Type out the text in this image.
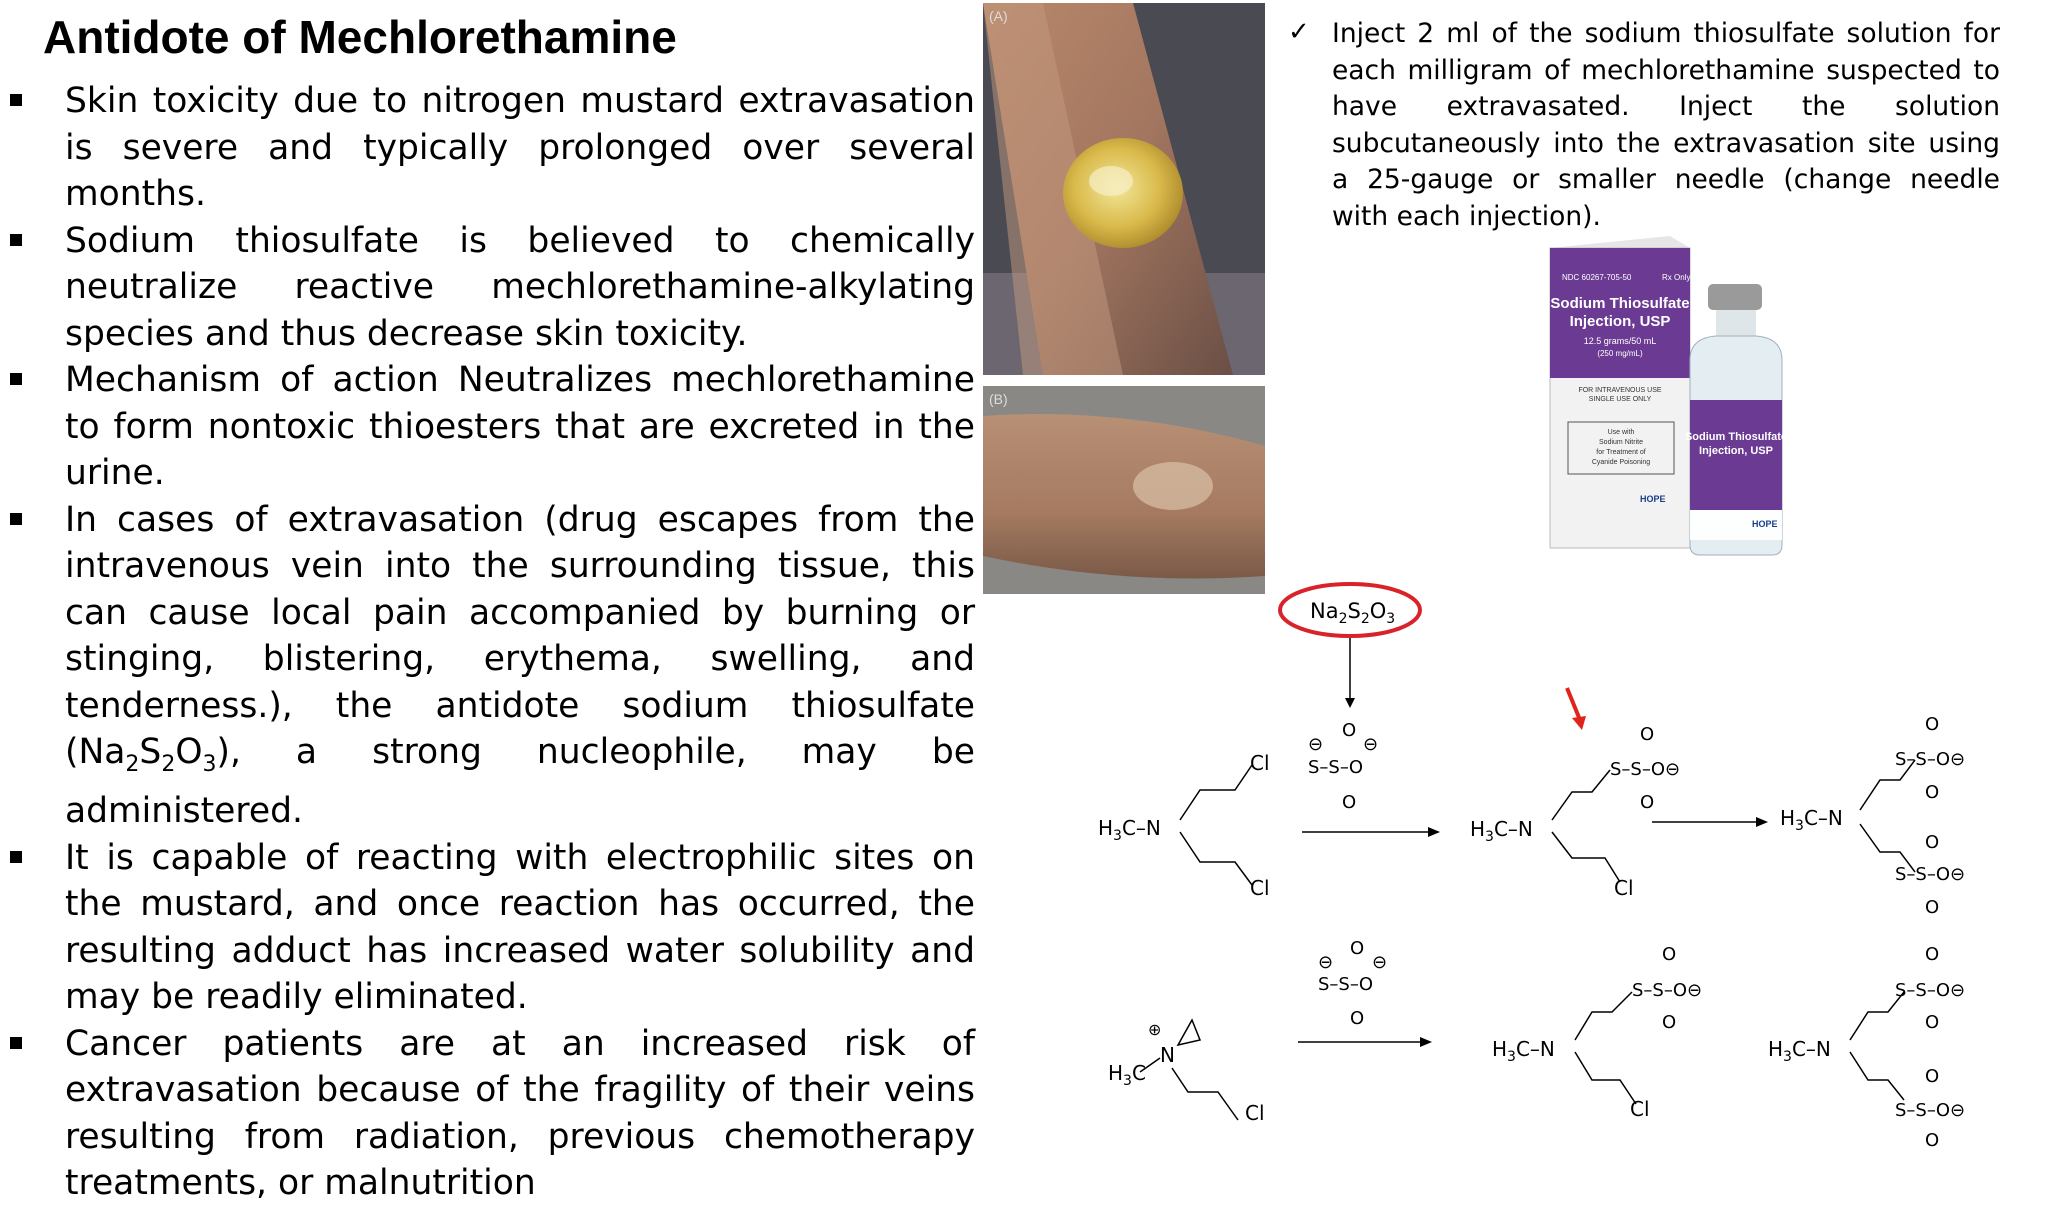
Antidote of Mechlorethamine
Skin toxicity due to nitrogen mustard extravasation is severe and typically prolonged over several months.
Sodium thiosulfate is believed to chemically neutralize reactive mechlorethamine-alkylating species and thus decrease skin toxicity.
Mechanism of action Neutralizes mechlorethamine to form nontoxic thioesters that are excreted in the urine.
In cases of extravasation (drug escapes from the intravenous vein into the surrounding tissue, this can cause local pain accompanied by burning or stinging, blistering, erythema, swelling, and tenderness.), the antidote sodium thiosulfate $(Na_2S_2O_3)$, a strong nucleophile, may be administered.
It is capable of reacting with electrophilic sites on the mustard, and once reaction has occurred, the resulting adduct has increased water solubility and may be readily eliminated.
Cancer patients are at an increased risk of extravasation because of the fragility of their veins resulting from radiation, previous chemotherapy treatments, or malnutrition
(A)
(B)
✓ Inject 2 ml of the sodium thiosulfate solution for each milligram of mechlorethamine suspected to have extravasated. Inject the solution subcutaneously into the extravasation site using a 25-gauge or smaller needle (change needle with each injection).
NDC 60267-705-50	Rx Only
Sodium Thiosulfate
Injection, USP
12.5 grams/50 mL
(250 mg/mL)
FOR INTRAVENOUS USE
SINGLE USE ONLY
Use with
Sodium Nitrite
for Treatment of
Cyanide Poisoning
HOPE
Sodium Thiosulfate
Injection, USP
HOPE
$Na_2S_2O_3$
$H_3C-N$
Cl
Cl
⊖ ⊖
O
S–S–O
O
$H_3C-N$
S–S–O⊖
O
O
Cl
$H_3C-N$
S–S–O⊖
O
O
S–S–O⊖
O
O
$H_3C$
N
⊕
Cl
⊖ ⊖
O
S–S–O
O
$H_3C-N$
S–S–O⊖
O
O
Cl
$H_3C-N$
S–S–O⊖
O
O
S–S–O⊖
O
O
